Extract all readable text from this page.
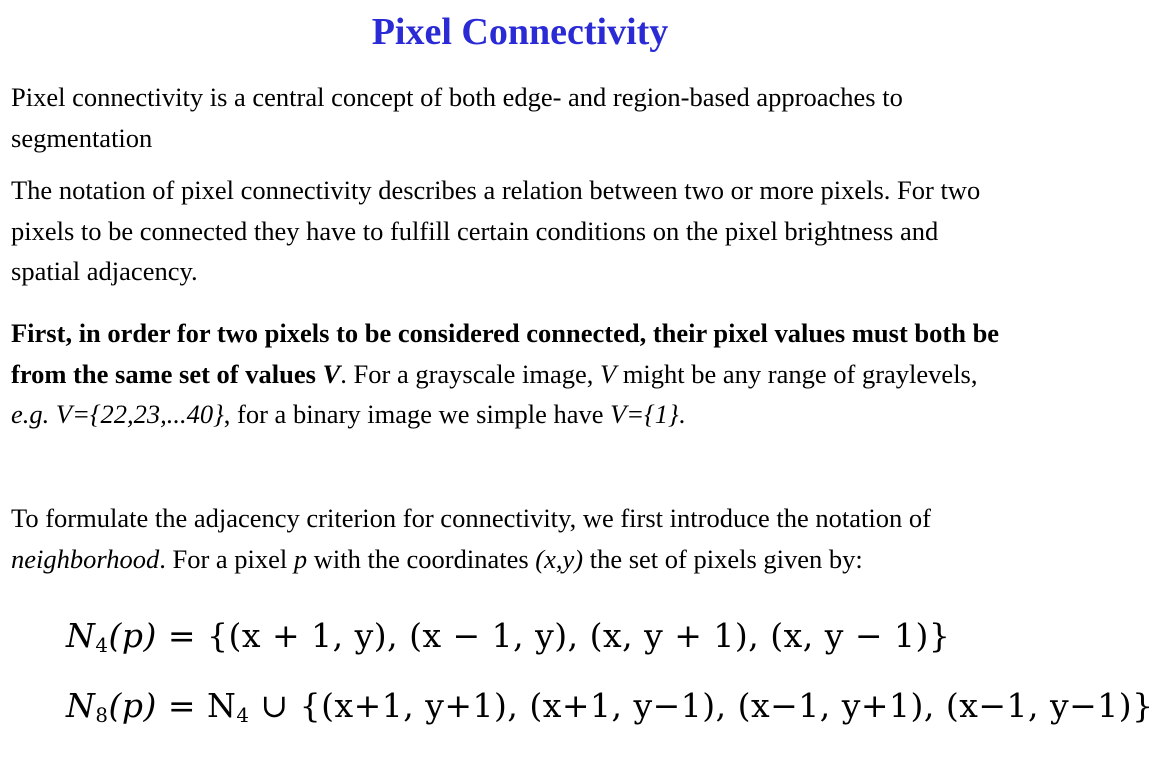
Pixel Connectivity

Pixel connectivity is a central concept of both edge- and region-based approaches to segmentation

The notation of pixel connectivity describes a relation between two or more pixels. For two pixels to be connected they have to fulfill certain conditions on the pixel brightness and spatial adjacency.

First, in order for two pixels to be considered connected, their pixel values must both be from the same set of values V. For a grayscale image, V might be any range of graylevels, e.g. V={22,23,...40}, for a binary image we simple have V={1}.

To formulate the adjacency criterion for connectivity, we first introduce the notation of neighborhood. For a pixel p with the coordinates (x,y) the set of pixels given by:

$N_4(p) = \{(x + 1$, y), (x − 1, y), (x, y + 1), (x, y − 1)}
$N_8(p) = N_4$ ∪ {(x+1, y+1), (x+1, y−1), (x−1, y+1), (x−1, y−1)}
